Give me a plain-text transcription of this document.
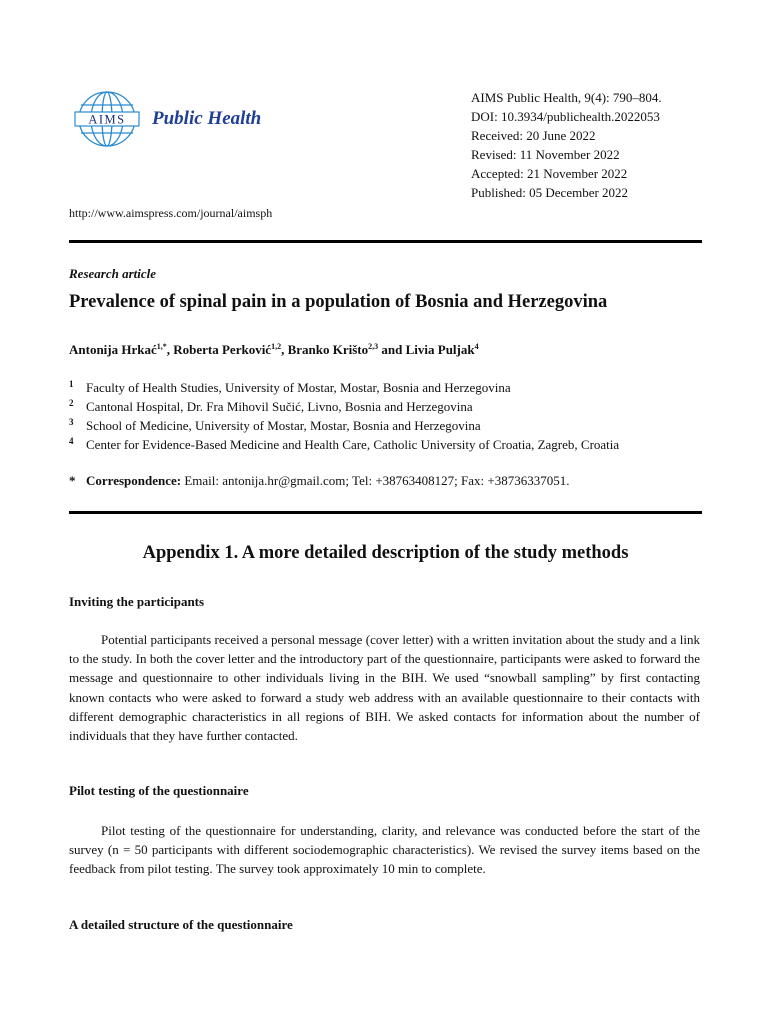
AIMS Public Health
AIMS Public Health, 9(4): 790–804.
DOI: 10.3934/publichealth.2022053
Received: 20 June 2022
Revised: 11 November 2022
Accepted: 21 November 2022
Published: 05 December 2022
http://www.aimspress.com/journal/aimsph
Research article
Prevalence of spinal pain in a population of Bosnia and Herzegovina
Antonija Hrkać$^{1,*}$, Roberta Perković$^{1,2}$, Branko Krišto$^{2,3}$ and Livia Puljak$^4$
1 Faculty of Health Studies, University of Mostar, Mostar, Bosnia and Herzegovina
2 Cantonal Hospital, Dr. Fra Mihovil Sučić, Livno, Bosnia and Herzegovina
3 School of Medicine, University of Mostar, Mostar, Bosnia and Herzegovina
4 Center for Evidence-Based Medicine and Health Care, Catholic University of Croatia, Zagreb, Croatia
* Correspondence: Email: antonija.hr@gmail.com; Tel: +38763408127; Fax: +38736337051.
Appendix 1. A more detailed description of the study methods
Inviting the participants

Potential participants received a personal message (cover letter) with a written invitation about the study and a link to the study. In both the cover letter and the introductory part of the questionnaire, participants were asked to forward the message and questionnaire to other individuals living in the BIH. We used “snowball sampling” by first contacting known contacts who were asked to forward a study web address with an available questionnaire to their contacts with different demographic characteristics in all regions of BIH. We asked contacts for information about the number of individuals that they have further contacted.

Pilot testing of the questionnaire

Pilot testing of the questionnaire for understanding, clarity, and relevance was conducted before the start of the survey (n = 50 participants with different sociodemographic characteristics). We revised the survey items based on the feedback from pilot testing. The survey took approximately 10 min to complete.

A detailed structure of the questionnaire
